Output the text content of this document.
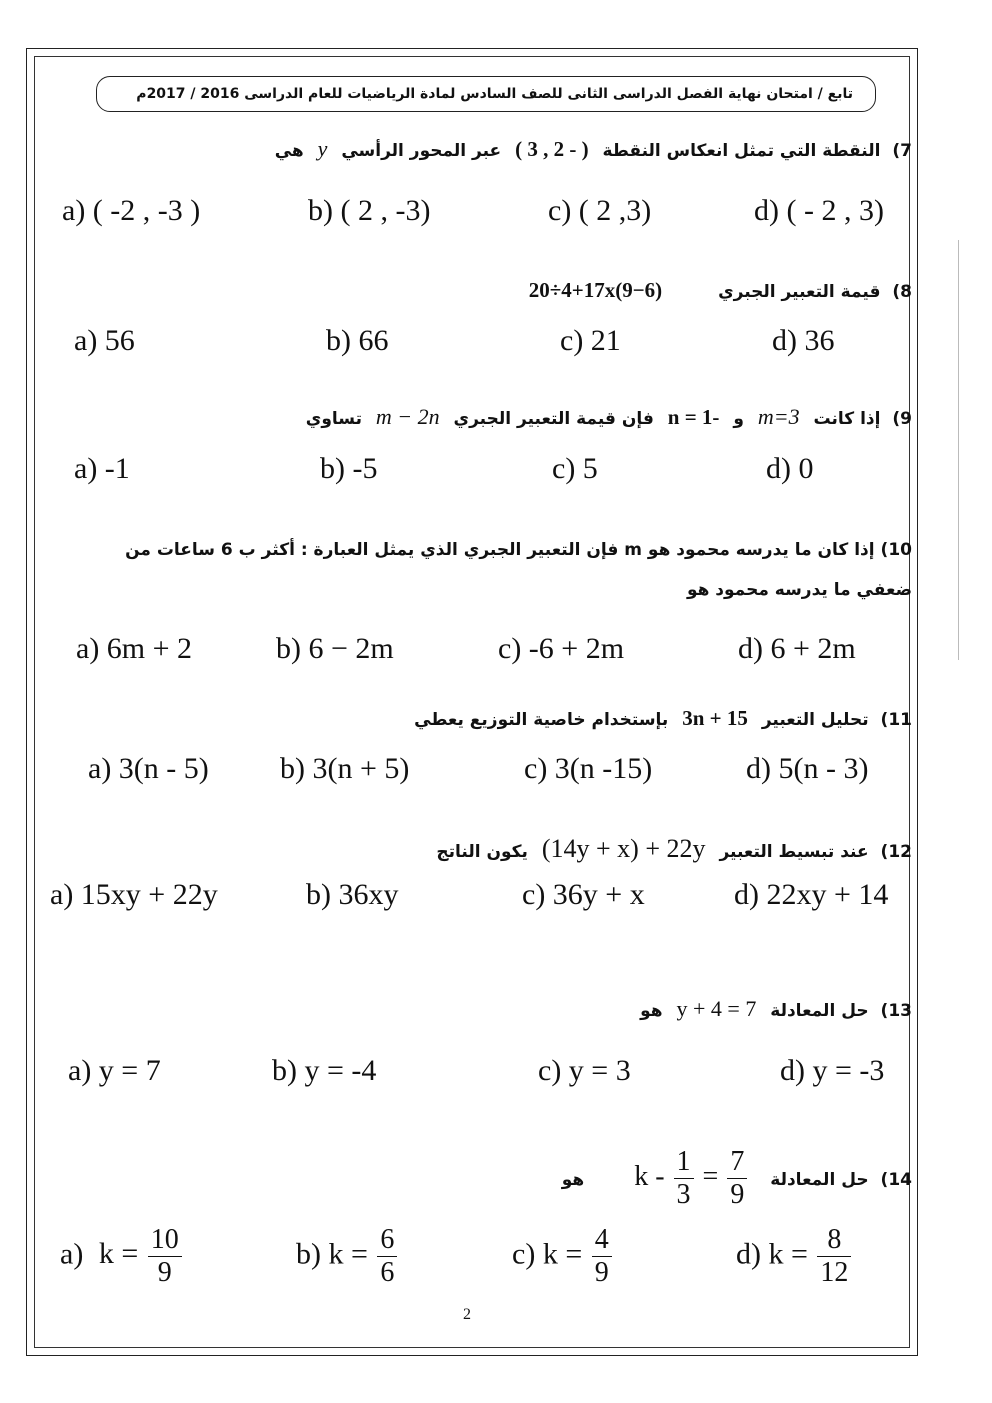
تابع / امتحان نهاية الفصل الدراسى الثانى للصف السادس لمادة الرياضيات للعام الدراسى 2016 / 2017م
7) النقطة التي تمثل انعكاس النقطة ( 3 , 2 - ) عبر المحور الرأسي y هي
a) ( -2 , -3 )	b) ( 2 , -3)	c) ( 2 ,3)	d) ( - 2 , 3)
8) قيمة التعبير الجبري 20÷4+17x(9−6)
a) 56	b) 66	c) 21	d) 36
9) إذا كانت m=3 و n = 1- فإن قيمة التعبير الجبري m − 2n تساوي
a) -1	b) -5	c) 5	d) 0
10) إذا كان ما يدرسه محمود هو m فإن التعبير الجبري الذي يمثل العبارة : أكثر ب 6 ساعات من
ضعفي ما يدرسه محمود هو
a) 6m + 2	b) 6 − 2m	c) -6 + 2m	d) 6 + 2m
11) تحليل التعبير 3n + 15 بإستخدام خاصية التوزيع يعطي
a) 3(n - 5) b) 3(n + 5)	c) 3(n -15)	d) 5(n - 3)
12) عند تبسيط التعبير (14y + x) + 22y يكون الناتج
a) 15xy + 22y	b) 36xy	c) 36y + x	d) 22xy + 14
13) حل المعادلة y + 4 = 7 هو
a) y = 7	b) y = -4	c) y = 3	d) y = -3
14) حل المعادلة $k - \frac{1}{3} = \frac{7}{9}$
هو
a) $k = \frac{10}{9}$	b) $k = \frac{6}{6}$	c) $k = \frac{4}{9}$	d) $k = \frac{8}{12}$
2
